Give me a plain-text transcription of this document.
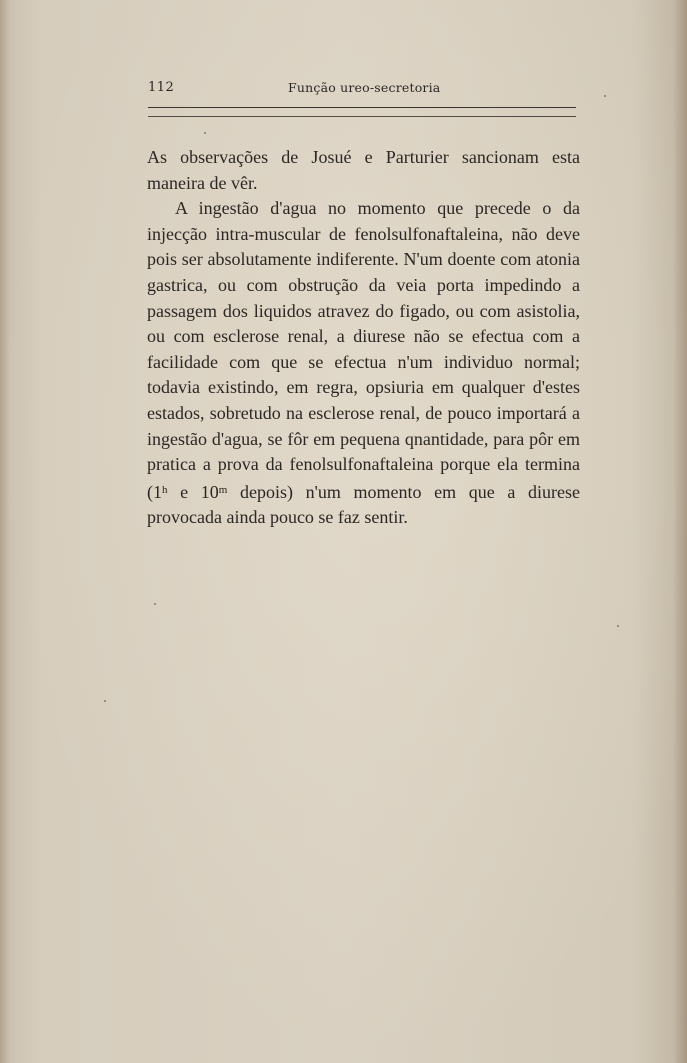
112	Função ureo-secretoria

As observações de Josué e Parturier sancionam esta maneira de vêr.

A ingestão d'agua no momento que precede o da injecção intra-muscular de fenolsulfonaftaleina, não deve pois ser absolutamente indiferente. N'um doente com atonia gastrica, ou com obstrução da veia porta impedindo a passagem dos liquidos atravez do figado, ou com asistolia, ou com esclerose renal, a diurese não se efectua com a facilidade com que se efectua n'um individuo normal; todavia existindo, em regra, opsiuria em qualquer d'estes estados, sobretudo na esclerose renal, de pouco importará a ingestão d'agua, se fôr em pequena qnantidade, para pôr em pratica a prova da fenolsulfonaftaleina porque ela termina (1$^h$ e 10$^m$ depois) n'um momento em que a diurese provocada ainda pouco se faz sentir.
